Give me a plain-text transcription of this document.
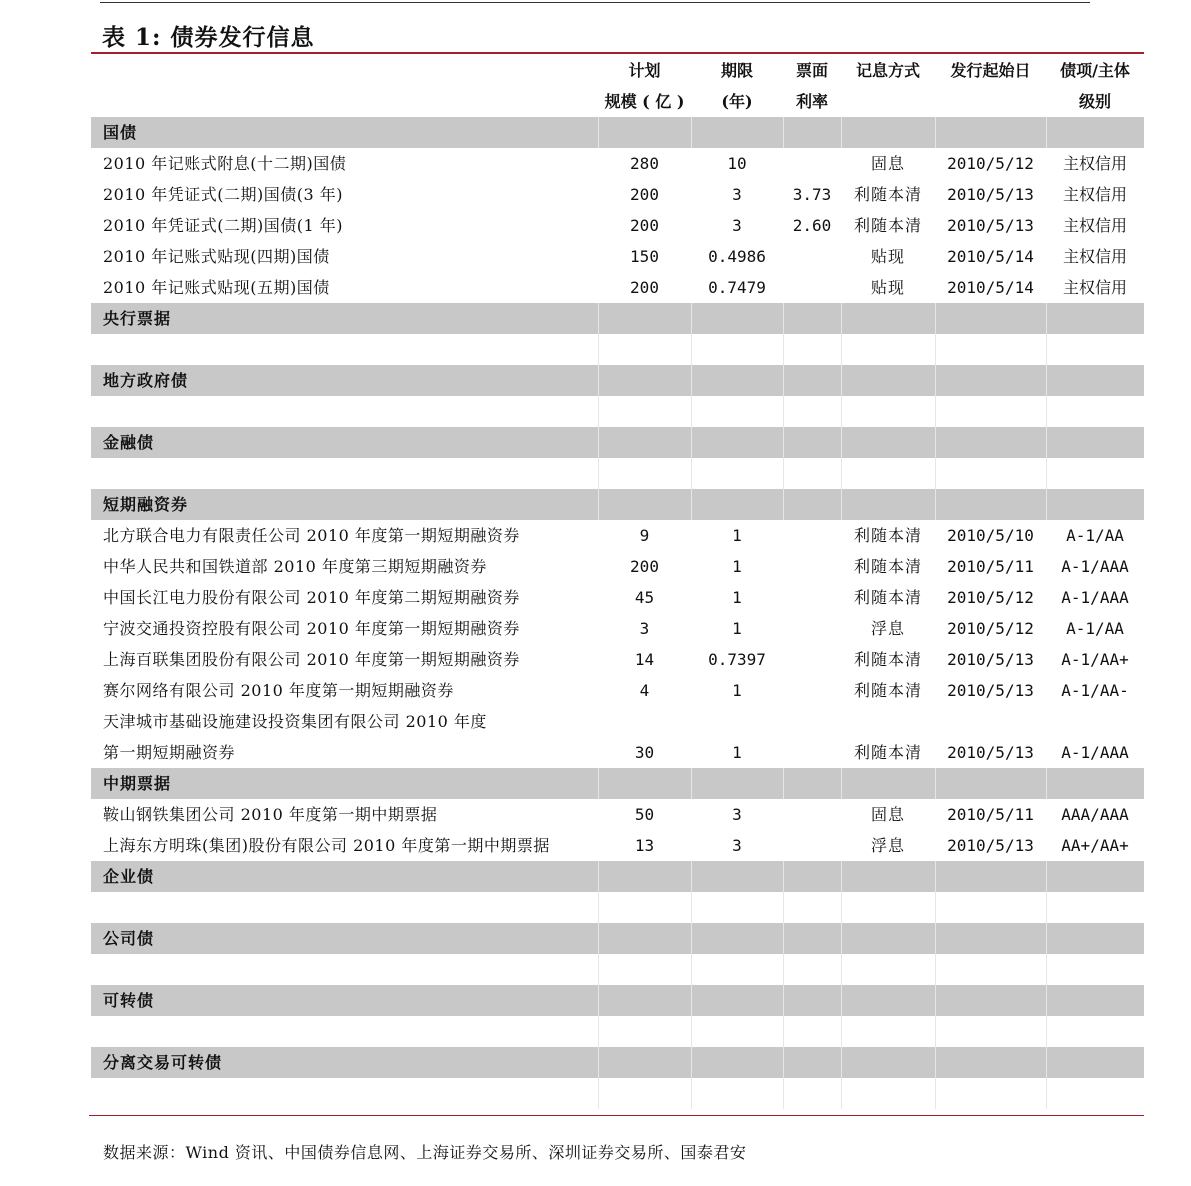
表 1: 债券发行信息
	计划	期限	票面	记息方式	发行起始日	债项/主体
	规模 ( 亿 )	(年)	利率			级别
国债						
2010 年记账式附息(十二期)国债	280	10		固息	2010/5/12	主权信用
2010 年凭证式(二期)国债(3 年)	200	3	3.73	利随本清	2010/5/13	主权信用
2010 年凭证式(二期)国债(1 年)	200	3	2.60	利随本清	2010/5/13	主权信用
2010 年记账式贴现(四期)国债	150	0.4986		贴现	2010/5/14	主权信用
2010 年记账式贴现(五期)国债	200	0.7479		贴现	2010/5/14	主权信用
央行票据						

地方政府债						

金融债						

短期融资券						
北方联合电力有限责任公司 2010 年度第一期短期融资券	9	1		利随本清	2010/5/10	A-1/AA
中华人民共和国铁道部 2010 年度第三期短期融资券	200	1		利随本清	2010/5/11	A-1/AAA
中国长江电力股份有限公司 2010 年度第二期短期融资券	45	1		利随本清	2010/5/12	A-1/AAA
宁波交通投资控股有限公司 2010 年度第一期短期融资券	3	1		浮息	2010/5/12	A-1/AA
上海百联集团股份有限公司 2010 年度第一期短期融资券	14	0.7397		利随本清	2010/5/13	A-1/AA+
赛尔网络有限公司 2010 年度第一期短期融资券	4	1		利随本清	2010/5/13	A-1/AA-
天津城市基础设施建设投资集团有限公司 2010 年度						
第一期短期融资券	30	1		利随本清	2010/5/13	A-1/AAA
中期票据						
鞍山钢铁集团公司 2010 年度第一期中期票据	50	3		固息	2010/5/11	AAA/AAA
上海东方明珠(集团)股份有限公司 2010 年度第一期中期票据	13	3		浮息	2010/5/13	AA+/AA+
企业债						

公司债						

可转债						

分离交易可转债						

数据来源：Wind 资讯、中国债券信息网、上海证券交易所、深圳证券交易所、国泰君安
